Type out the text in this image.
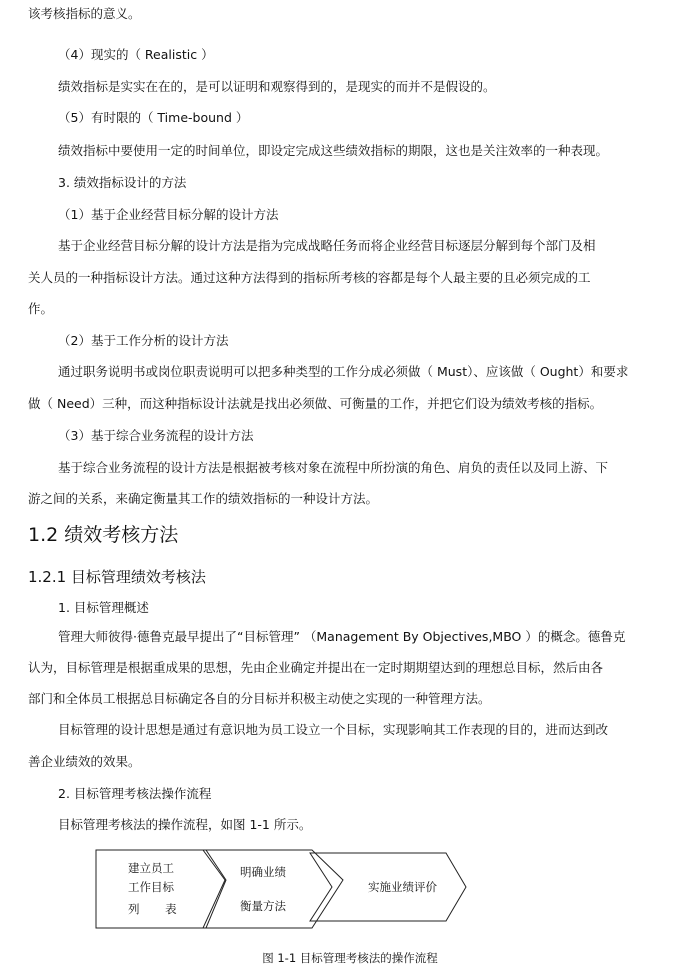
该考核指标的意义。
（4）现实的（ Realistic ）
绩效指标是实实在在的，是可以证明和观察得到的，是现实的而并不是假设的。
（5）有时限的（ Time-bound ）
绩效指标中要使用一定的时间单位，即设定完成这些绩效指标的期限，这也是关注效率的一种表现。
3. 绩效指标设计的方法
（1）基于企业经营目标分解的设计方法
基于企业经营目标分解的设计方法是指为完成战略任务而将企业经营目标逐层分解到每个部门及相
关人员的一种指标设计方法。通过这种方法得到的指标所考核的容都是每个人最主要的且必须完成的工
作。
（2）基于工作分析的设计方法
通过职务说明书或岗位职责说明可以把多种类型的工作分成必须做（ Must）、应该做（ Ought）和要求
做（ Need）三种，而这种指标设计法就是找出必须做、可衡量的工作，并把它们设为绩效考核的指标。
（3）基于综合业务流程的设计方法
基于综合业务流程的设计方法是根据被考核对象在流程中所扮演的角色、肩负的责任以及同上游、下
游之间的关系，来确定衡量其工作的绩效指标的一种设计方法。
1.2 绩效考核方法
1.2.1 目标管理绩效考核法
1. 目标管理概述
管理大师彼得·德鲁克最早提出了“目标管理” （Management By Objectives,MBO ）的概念。德鲁克
认为，目标管理是根据重成果的思想，先由企业确定并提出在一定时期期望达到的理想总目标，然后由各
部门和全体员工根据总目标确定各自的分目标并积极主动使之实现的一种管理方法。
目标管理的设计思想是通过有意识地为员工设立一个目标，实现影响其工作表现的目的，进而达到改
善企业绩效的效果。
2. 目标管理考核法操作流程
目标管理考核法的操作流程，如图 1-1 所示。
建立员工
工作目标
列 表
明确业绩
衡量方法
实施业绩评价
图 1-1 目标管理考核法的操作流程
